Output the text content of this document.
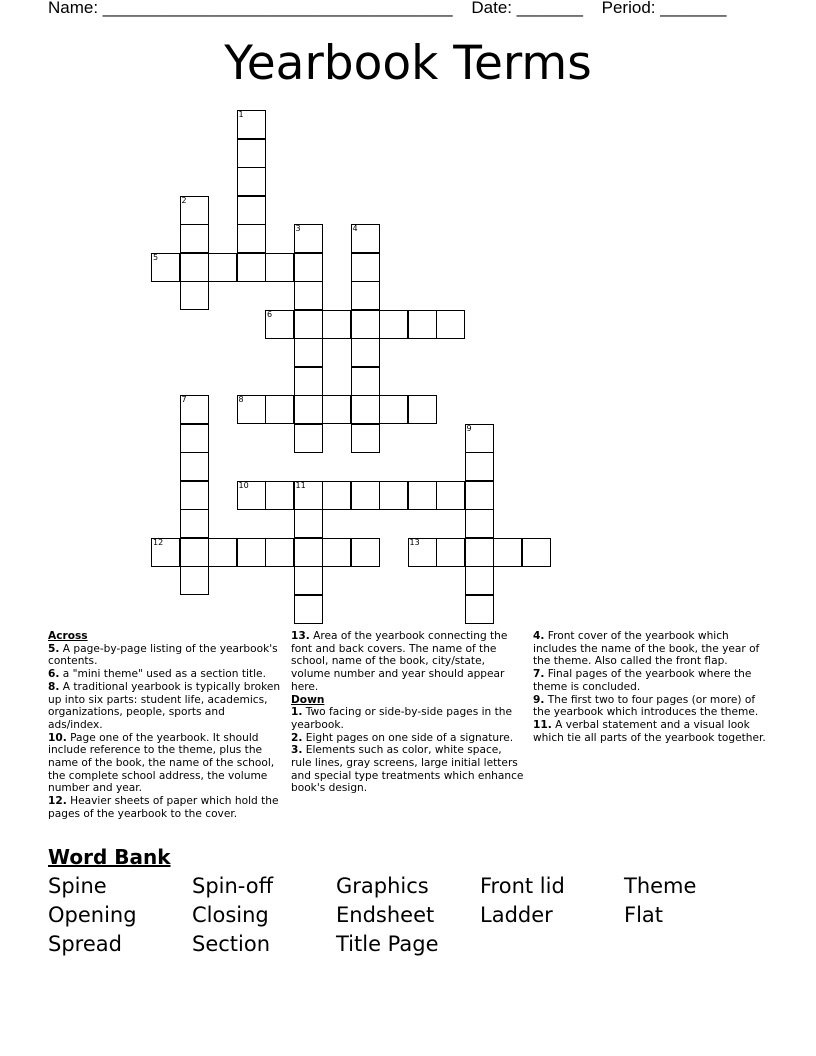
Name: _____________________________________ Date: _______ Period: _______
Yearbook Terms
1
2
3	4
5
6
7	8
9
10	11
12	13
Across

5. A page-by-page listing of the yearbook's contents.

6. a "mini theme" used as a section title.

8. A traditional yearbook is typically broken up into six parts: student life, academics, organizations, people, sports and ads/index.

10. Page one of the yearbook. It should include reference to the theme, plus the name of the book, the name of the school, the complete school address, the volume number and year.

12. Heavier sheets of paper which hold the pages of the yearbook to the cover.

13. Area of the yearbook connecting the font and back covers. The name of the school, name of the book, city/state, volume number and year should appear here.

Down

1. Two facing or side-by-side pages in the yearbook.

2. Eight pages on one side of a signature.

3. Elements such as color, white space, rule lines, gray screens, large initial letters and special type treatments which enhance book's design.

4. Front cover of the yearbook which includes the name of the book, the year of the theme. Also called the front flap.

7. Final pages of the yearbook where the theme is concluded.

9. The first two to four pages (or more) of the yearbook which introduces the theme.

11. A verbal statement and a visual look which tie all parts of the yearbook together.

Word Bank
Spine	Spin-off	Graphics	Front lid	Theme
Opening	Closing	Endsheet	Ladder	Flat
Spread	Section	Title Page
